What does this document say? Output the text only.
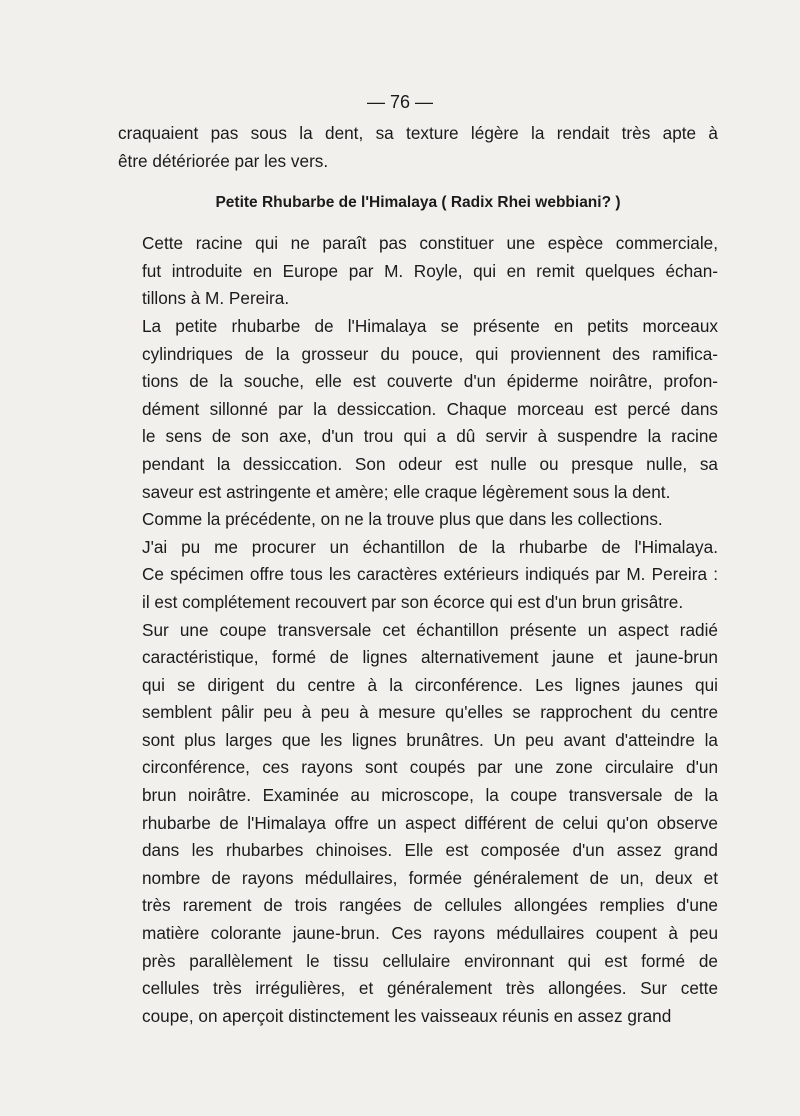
— 76 —

craquaient pas sous la dent, sa texture légère la rendait très apte à
être détériorée par les vers.

Petite Rhubarbe de l'Himalaya ( Radix Rhei webbiani? )

Cette racine qui ne paraît pas constituer une espèce commerciale,
fut introduite en Europe par M. Royle, qui en remit quelques échan-
tillons à M. Pereira.

La petite rhubarbe de l'Himalaya se présente en petits morceaux
cylindriques de la grosseur du pouce, qui proviennent des ramifica-
tions de la souche, elle est couverte d'un épiderme noirâtre, profon-
dément sillonné par la dessiccation. Chaque morceau est percé dans
le sens de son axe, d'un trou qui a dû servir à suspendre la racine
pendant la dessiccation. Son odeur est nulle ou presque nulle, sa
saveur est astringente et amère; elle craque légèrement sous la dent.

Comme la précédente, on ne la trouve plus que dans les collections.

J'ai pu me procurer un échantillon de la rhubarbe de l'Himalaya.
Ce spécimen offre tous les caractères extérieurs indiqués par M. Pereira :
il est complétement recouvert par son écorce qui est d'un brun grisâtre.

Sur une coupe transversale cet échantillon présente un aspect radié
caractéristique, formé de lignes alternativement jaune et jaune-brun
qui se dirigent du centre à la circonférence. Les lignes jaunes qui
semblent pâlir peu à peu à mesure qu'elles se rapprochent du centre
sont plus larges que les lignes brunâtres. Un peu avant d'atteindre la
circonférence, ces rayons sont coupés par une zone circulaire d'un
brun noirâtre. Examinée au microscope, la coupe transversale de la
rhubarbe de l'Himalaya offre un aspect différent de celui qu'on observe
dans les rhubarbes chinoises. Elle est composée d'un assez grand
nombre de rayons médullaires, formée généralement de un, deux et
très rarement de trois rangées de cellules allongées remplies d'une
matière colorante jaune-brun. Ces rayons médullaires coupent à peu
près parallèlement le tissu cellulaire environnant qui est formé de
cellules très irrégulières, et généralement très allongées. Sur cette
coupe, on aperçoit distinctement les vaisseaux réunis en assez grand
